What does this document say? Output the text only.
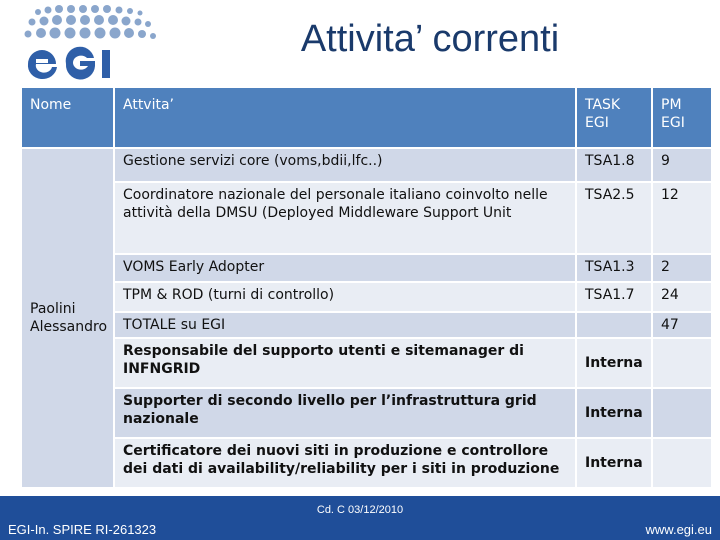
Attivita’ correnti
Nome	Attvita’	TASK EGI	PM EGI
Paolini Alessandro	Gestione servizi core (voms,bdii,lfc..)	TSA1.8	9
	Coordinatore nazionale del personale italiano coinvolto nelle attività della DMSU (Deployed Middleware Support Unit	TSA2.5	12
	VOMS Early Adopter	TSA1.3	2
	TPM & ROD (turni di controllo)	TSA1.7	24
	TOTALE su EGI		47
	Responsabile del supporto utenti e sitemanager di INFNGRID	Interna	
	Supporter di secondo livello per l’infrastruttura grid nazionale	Interna	
	Certificatore dei nuovi siti in produzione e controllore dei dati di availability/reliability per i siti in produzione	Interna	
Cd. C 03/12/2010
EGI-In. SPIRE RI-261323	www.egi.eu
